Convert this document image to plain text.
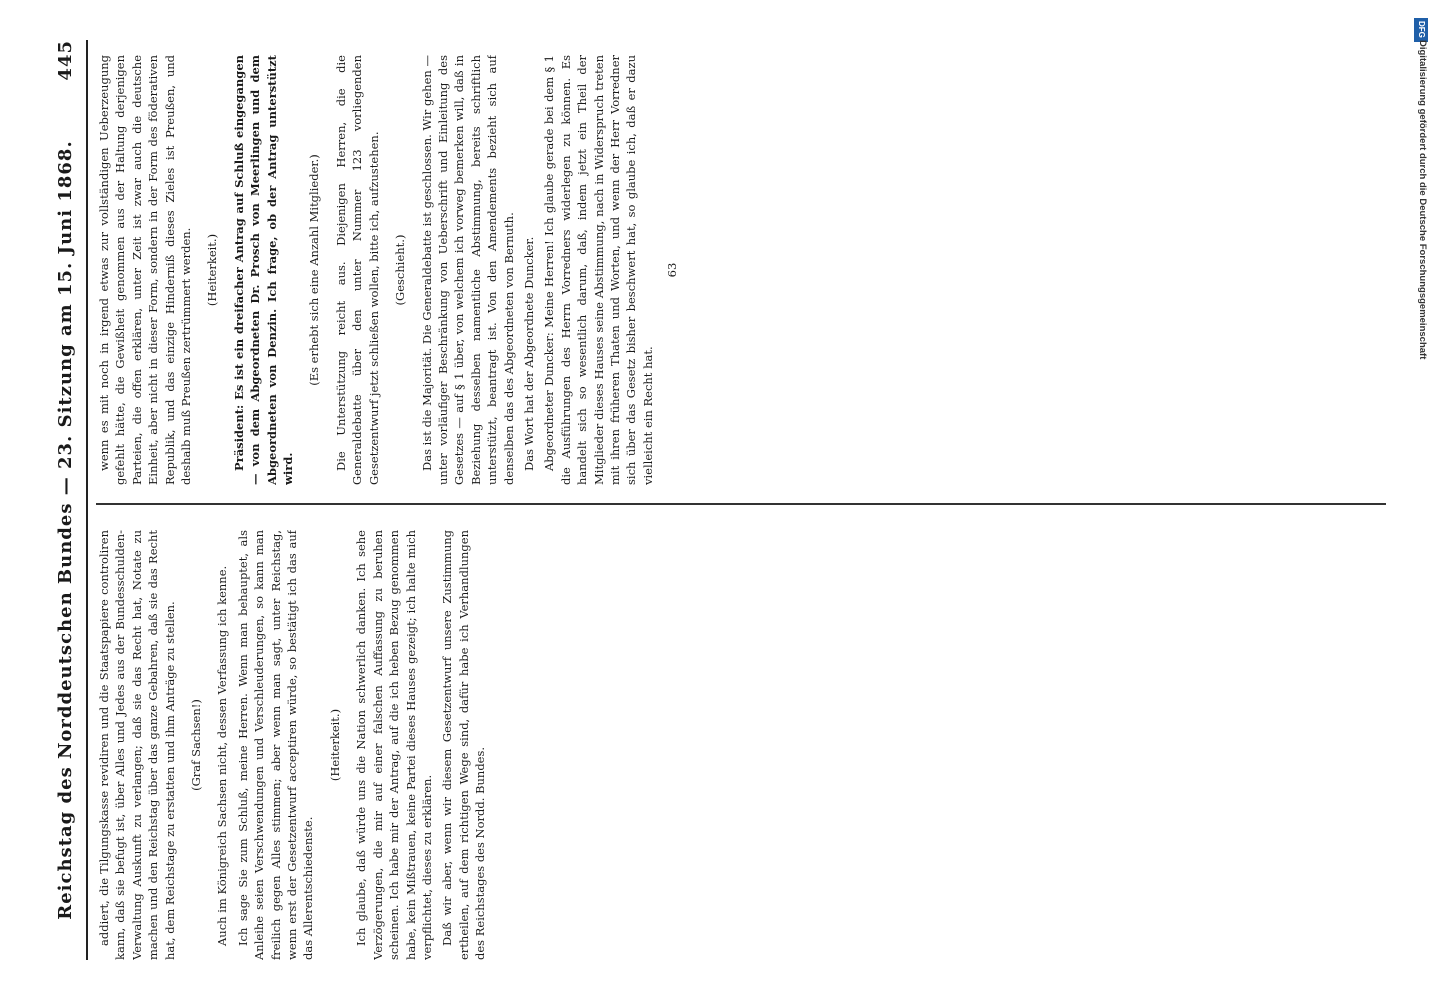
Reichstag des Norddeutschen Bundes — 23. Sitzung am 15. Juni 1868.
445

addiert, die Tilgungskasse revidiren und die Staatspapiere controliren kann, daß sie befugt ist, über Alles und Jedes aus der Bundesschulden-Verwaltung Auskunft zu verlangen; daß sie das Recht hat, Notate zu machen und den Reichstag über das ganze Gebahren, daß sie das Recht hat, dem Reichstage zu erstatten und ihm Anträge zu stellen. (Graf Sachsen!) Auch im Königreich Sachsen nicht, dessen Verfassung ich kenne. Ich sage Sie zum Schluß, meine Herren. Wenn man behauptet, als Anleihe seien Verschwendungen und Verschleuderungen, so kann man freilich gegen Alles stimmen; aber wenn man sagt, unter Reichstag, wenn erst der Gesetzentwurf acceptiren würde, so bestätigt ich das auf das Allerentschiedenste.

(Heiterkeit.) Ich glaube, daß würde uns die Nation schwerlich danken. Ich sehe Verzögerungen, die mir auf einer falschen Auffassung zu beruhen scheinen. Ich habe mir der Antrag, auf die ich heben Bezug genommen habe, kein Mißtrauen, keine Partei dieses Hauses gezeigt; ich halte mich verpflichtet, dieses zu erklären. Daß wir aber, wenn wir diesem Gesetzentwurf unsere Zustimmung ertheilen, auf dem richtigen Wege sind, dafür habe ich Verhandlungen des Reichstages des Nordd. Bundes.

wenn es mit noch in irgend etwas zur vollständigen Ueberzeugung gefehlt hätte, die Gewißheit genommen aus der Haltung derjenigen Parteien, die offen erklären, unter Zeit ist zwar auch die deutsche Einheit, aber nicht in dieser Form, sondern in der Form des föderativen Republik, und das einzige Hinderniß dieses Zieles ist Preußen, und deshalb muß Preußen zertrümmert werden. (Heiterkeit.) Präsident: Es ist ein dreifacher Antrag auf Schluß eingegangen — von dem Abgeordneten Dr. Prosch von Meerlingen und dem Abgeordneten von Denzin. Ich frage, ob der Antrag unterstützt wird.

(Es erhebt sich eine Anzahl Mitglieder.) Die Unterstützung reicht aus. Diejenigen Herren, die die Generaldebatte über den unter Nummer 123 vorliegenden Gesetzentwurf jetzt schließen wollen, bitte ich, aufzustehen. (Geschieht.) Das ist die Majorität. Die Generaldebatte ist geschlossen. Wir gehen — unter vorläufiger Beschränkung von Ueberschrift und Einleitung des Gesetzes — auf § 1 über, von welchem ich vorweg bemerken will, daß in Beziehung desselben namentliche Abstimmung, bereits schriftlich unterstützt, beantragt ist. Von den Amendements bezieht sich auf denselben das des Abgeordneten von Bernuth. Das Wort hat der Abgeordnete Duncker. Abgeordneter Duncker: Meine Herren! Ich glaube gerade bei dem § 1 die Ausführungen des Herrn Vorredners widerlegen zu können. Es handelt sich so wesentlich darum, daß, indem jetzt ein Theil der Mitglieder dieses Hauses seine Abstimmung, nach in Widerspruch treten mit ihren früheren Thaten und Worten, und wenn der Herr Vorredner sich über das Gesetz bisher beschwert hat, so glaube ich, daß er dazu vielleicht ein Recht hat.

63

DFG
Digitalisierung gefördert durch die Deutsche Forschungsgemeinschaft
